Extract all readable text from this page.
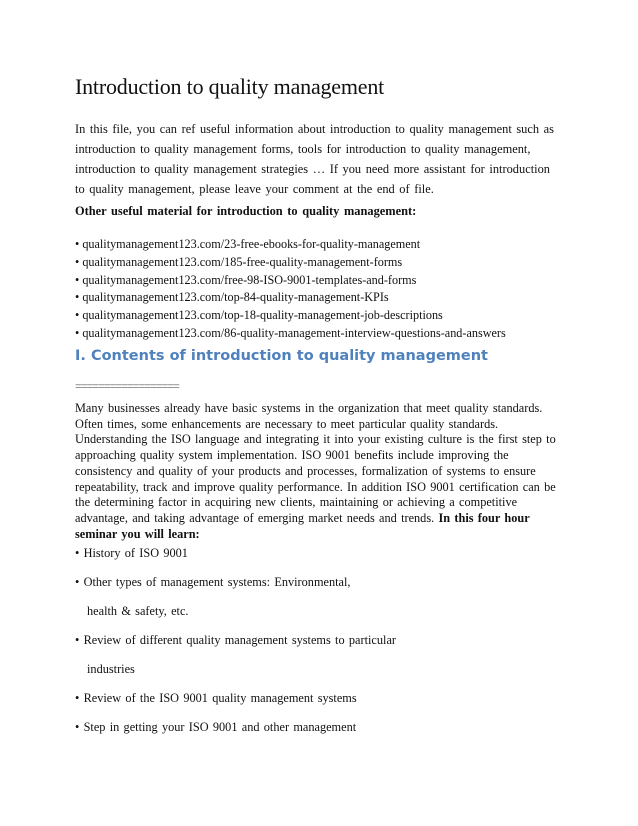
Introduction to quality management

In this file, you can ref useful information about introduction to quality management such as introduction to quality management forms, tools for introduction to quality management, introduction to quality management strategies … If you need more assistant for introduction to quality management, please leave your comment at the end of file.

Other useful material for introduction to quality management:

• qualitymanagement123.com/23-free-ebooks-for-quality-management
• qualitymanagement123.com/185-free-quality-management-forms
• qualitymanagement123.com/free-98-ISO-9001-templates-and-forms
• qualitymanagement123.com/top-84-quality-management-KPIs
• qualitymanagement123.com/top-18-quality-management-job-descriptions
• qualitymanagement123.com/86-quality-management-interview-questions-and-answers
I. Contents of introduction to quality management
==================

Many businesses already have basic systems in the organization that meet quality standards. Often times, some enhancements are necessary to meet particular quality standards. Understanding the ISO language and integrating it into your existing culture is the first step to approaching quality system implementation. ISO 9001 benefits include improving the consistency and quality of your products and processes, formalization of systems to ensure repeatability, track and improve quality performance. In addition ISO 9001 certification can be the determining factor in acquiring new clients, maintaining or achieving a competitive advantage, and taking advantage of emerging market needs and trends. In this four hour seminar you will learn:

• History of ISO 9001
• Other types of management systems: Environmental,
health & safety, etc.
• Review of different quality management systems to particular
industries
• Review of the ISO 9001 quality management systems
• Step in getting your ISO 9001 and other management
